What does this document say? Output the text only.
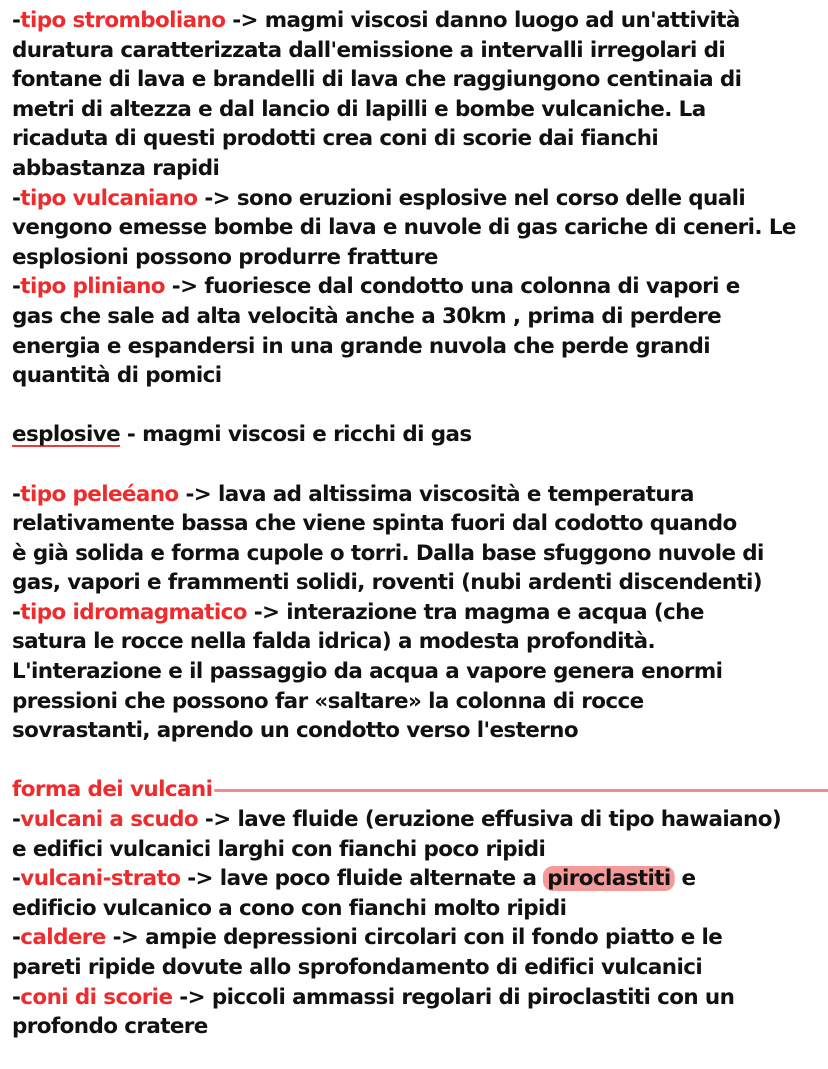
-tipo stromboliano -> magmi viscosi danno luogo ad un'attività
duratura caratterizzata dall'emissione a intervalli irregolari di
fontane di lava e brandelli di lava che raggiungono centinaia di
metri di altezza e dal lancio di lapilli e bombe vulcaniche. La
ricaduta di questi prodotti crea coni di scorie dai fianchi
abbastanza rapidi
-tipo vulcaniano -> sono eruzioni esplosive nel corso delle quali
vengono emesse bombe di lava e nuvole di gas cariche di ceneri. Le
esplosioni possono produrre fratture
-tipo pliniano -> fuoriesce dal condotto una colonna di vapori e
gas che sale ad alta velocità anche a 30km , prima di perdere
energia e espandersi in una grande nuvola che perde grandi
quantità di pomici
esplosive - magmi viscosi e ricchi di gas
-tipo peleéano -> lava ad altissima viscosità e temperatura
relativamente bassa che viene spinta fuori dal codotto quando
è già solida e forma cupole o torri. Dalla base sfuggono nuvole di
gas, vapori e frammenti solidi, roventi (nubi ardenti discendenti)
-tipo idromagmatico -> interazione tra magma e acqua (che
satura le rocce nella falda idrica) a modesta profondità.
L'interazione e il passaggio da acqua a vapore genera enormi
pressioni che possono far «saltare» la colonna di rocce
sovrastanti, aprendo un condotto verso l'esterno
forma dei vulcani
-vulcani a scudo -> lave fluide (eruzione effusiva di tipo hawaiano)
e edifici vulcanici larghi con fianchi poco ripidi
-vulcani-strato -> lave poco fluide alternate a piroclastiti e
edificio vulcanico a cono con fianchi molto ripidi
-caldere -> ampie depressioni circolari con il fondo piatto e le
pareti ripide dovute allo sprofondamento di edifici vulcanici
-coni di scorie -> piccoli ammassi regolari di piroclastiti con un
profondo cratere
